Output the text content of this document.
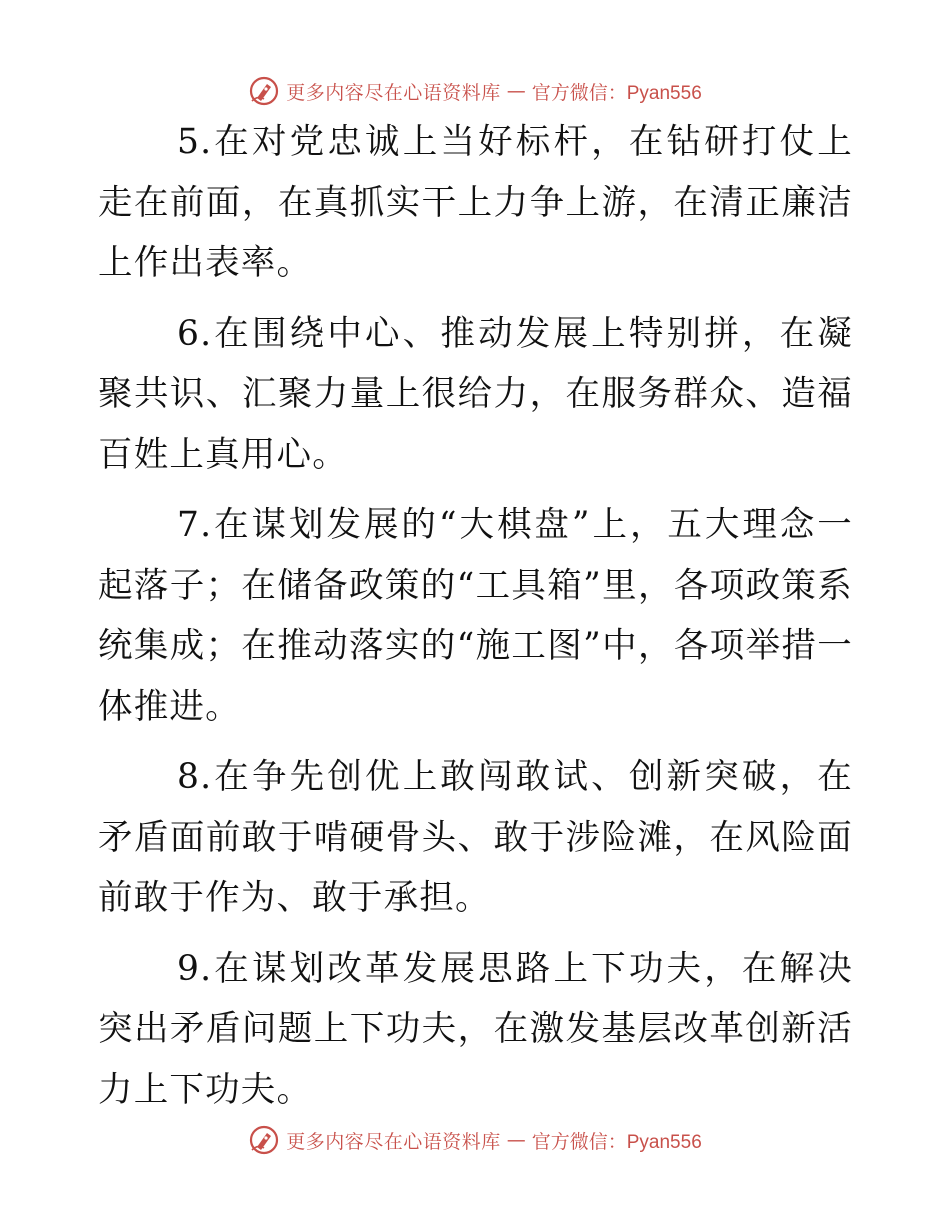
更多内容尽在心语资料库 — 官方微信：Pyan556

5.在对党忠诚上当好标杆，在钻研打仗上走在前面，在真抓实干上力争上游，在清正廉洁上作出表率。

6.在围绕中心、推动发展上特别拼，在凝聚共识、汇聚力量上很给力，在服务群众、造福百姓上真用心。

7.在谋划发展的“大棋盘”上，五大理念一起落子；在储备政策的“工具箱”里，各项政策系统集成；在推动落实的“施工图”中，各项举措一体推进。

8.在争先创优上敢闯敢试、创新突破，在矛盾面前敢于啃硬骨头、敢于涉险滩，在风险面前敢于作为、敢于承担。

9.在谋划改革发展思路上下功夫，在解决突出矛盾问题上下功夫，在激发基层改革创新活力上下功夫。

更多内容尽在心语资料库 — 官方微信：Pyan556
